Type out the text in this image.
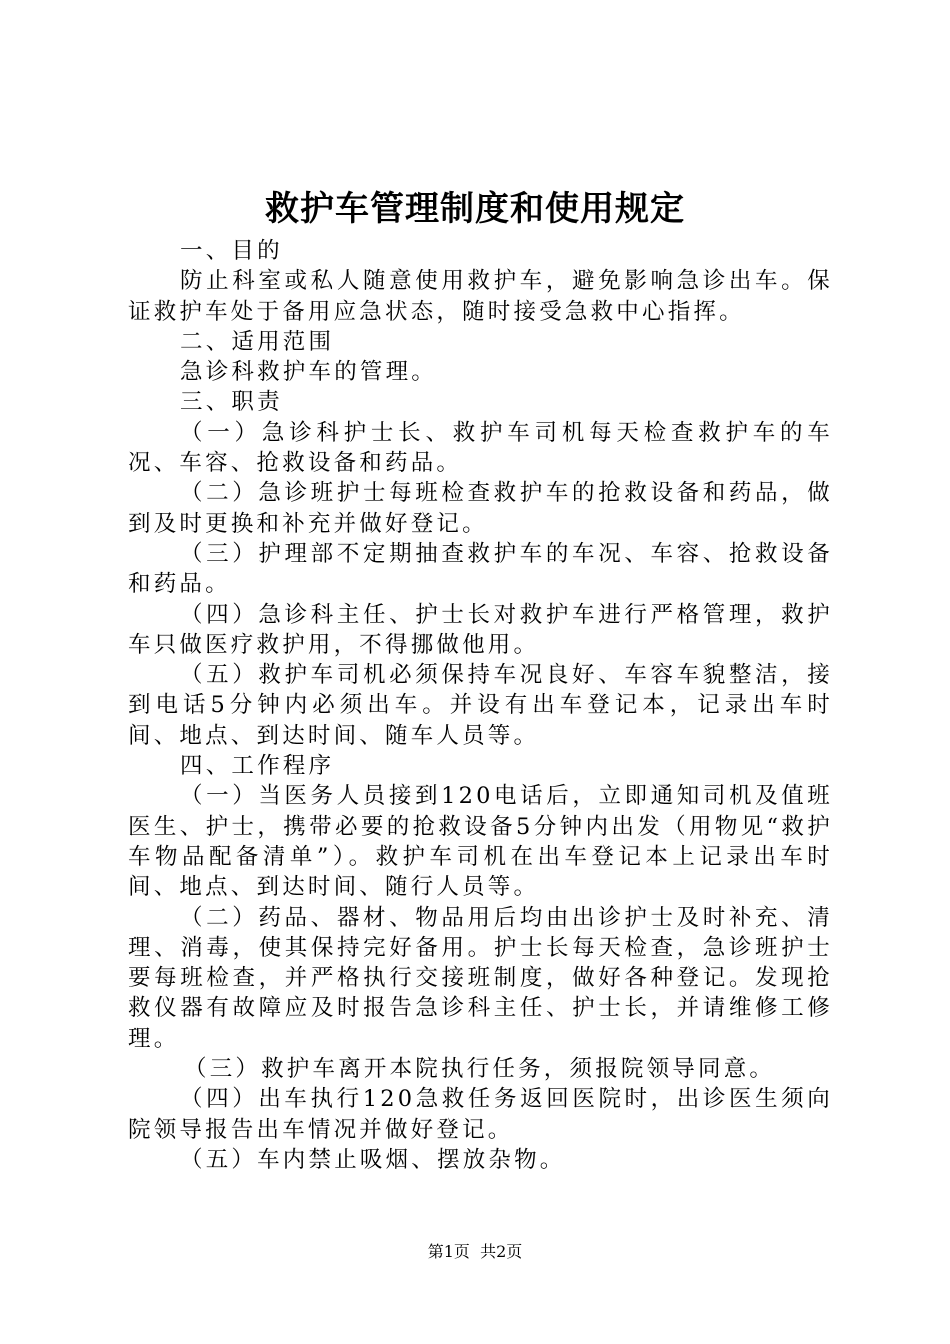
救护车管理制度和使用规定

一、目的

防止科室或私人随意使用救护车，避免影响急诊出车。保证救护车处于备用应急状态，随时接受急救中心指挥。

二、适用范围

急诊科救护车的管理。

三、职责

（一）急诊科护士长、救护车司机每天检查救护车的车况、车容、抢救设备和药品。

（二）急诊班护士每班检查救护车的抢救设备和药品，做到及时更换和补充并做好登记。

（三）护理部不定期抽查救护车的车况、车容、抢救设备和药品。

（四）急诊科主任、护士长对救护车进行严格管理，救护车只做医疗救护用，不得挪做他用。

（五）救护车司机必须保持车况良好、车容车貌整洁，接到电话5分钟内必须出车。并设有出车登记本，记录出车时间、地点、到达时间、随车人员等。

四、工作程序

（一）当医务人员接到120电话后，立即通知司机及值班医生、护士，携带必要的抢救设备5分钟内出发（用物见“救护车物品配备清单”）。救护车司机在出车登记本上记录出车时间、地点、到达时间、随行人员等。

（二）药品、器材、物品用后均由出诊护士及时补充、清理、消毒，使其保持完好备用。护士长每天检查，急诊班护士要每班检查，并严格执行交接班制度，做好各种登记。发现抢救仪器有故障应及时报告急诊科主任、护士长，并请维修工修理。

（三）救护车离开本院执行任务，须报院领导同意。

（四）出车执行120急救任务返回医院时，出诊医生须向院领导报告出车情况并做好登记。

（五）车内禁止吸烟、摆放杂物。

第1页  共2页
